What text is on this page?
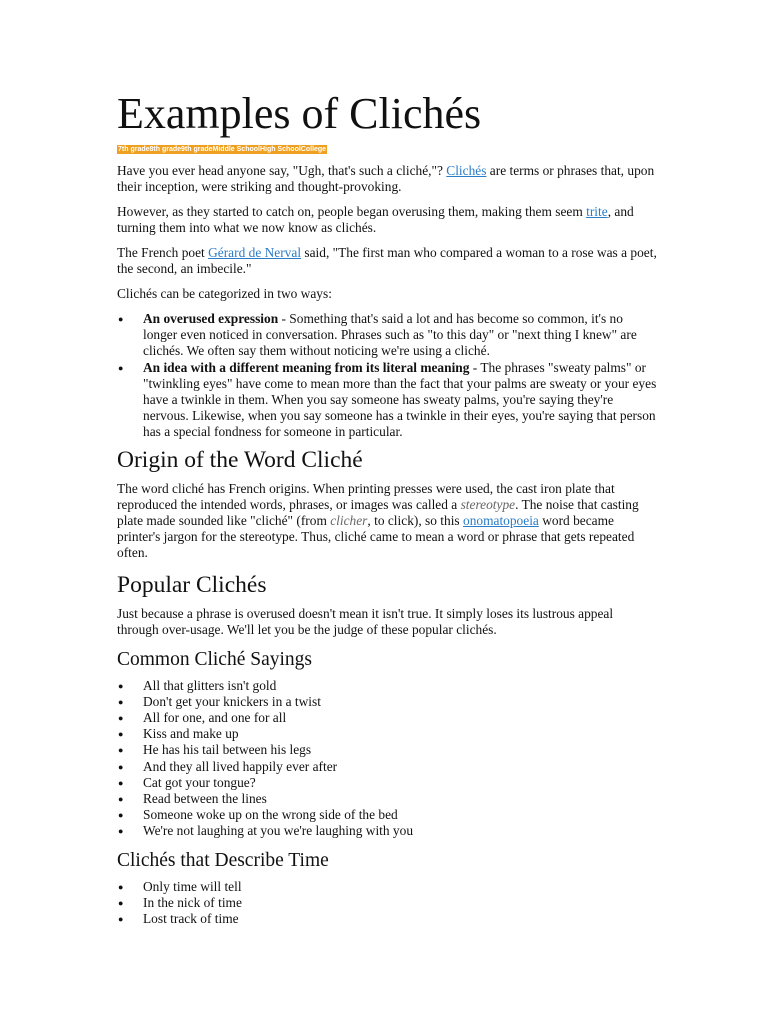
Examples of Clichés
7th grade8th grade9th gradeMiddle SchoolHigh SchoolCollege

Have you ever head anyone say, "Ugh, that's such a cliché,"? Clichés are terms or phrases that, upon their inception, were striking and thought-provoking.

However, as they started to catch on, people began overusing them, making them seem trite, and turning them into what we now know as clichés.

The French poet Gérard de Nerval said, "The first man who compared a woman to a rose was a poet, the second, an imbecile."

Clichés can be categorized in two ways:

● An overused expression - Something that's said a lot and has become so common, it's no longer even noticed in conversation. Phrases such as "to this day" or "next thing I knew" are clichés. We often say them without noticing we're using a cliché.
● An idea with a different meaning from its literal meaning - The phrases "sweaty palms" or "twinkling eyes" have come to mean more than the fact that your palms are sweaty or your eyes have a twinkle in them. When you say someone has sweaty palms, you're saying they're nervous. Likewise, when you say someone has a twinkle in their eyes, you're saying that person has a special fondness for someone in particular.
Origin of the Word Cliché

The word cliché has French origins. When printing presses were used, the cast iron plate that reproduced the intended words, phrases, or images was called a stereotype. The noise that casting plate made sounded like "cliché" (from clicher, to click), so this onomatopoeia word became printer's jargon for the stereotype. Thus, cliché came to mean a word or phrase that gets repeated often.

Popular Clichés

Just because a phrase is overused doesn't mean it isn't true. It simply loses its lustrous appeal through over-usage. We'll let you be the judge of these popular clichés.

Common Cliché Sayings
● All that glitters isn't gold
● Don't get your knickers in a twist
● All for one, and one for all
● Kiss and make up
● He has his tail between his legs
● And they all lived happily ever after
● Cat got your tongue?
● Read between the lines
● Someone woke up on the wrong side of the bed
● We're not laughing at you we're laughing with you
Clichés that Describe Time
● Only time will tell
● In the nick of time
● Lost track of time
